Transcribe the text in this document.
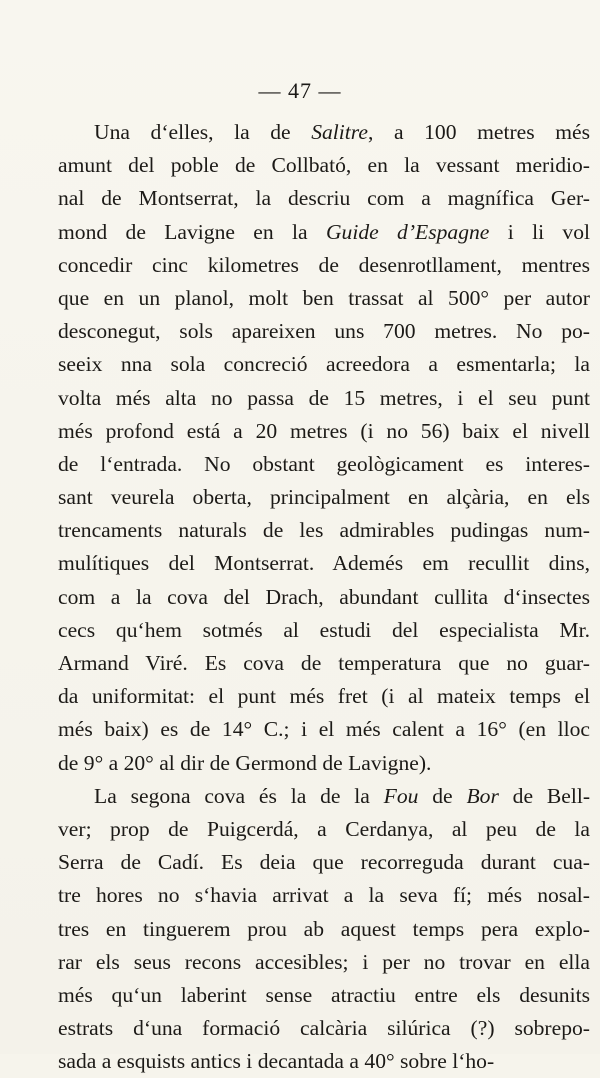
— 47 —
Una d‘elles, la de Salitre, a 100 metres més
amunt del poble de Collbató, en la vessant meridio-
nal de Montserrat, la descriu com a magnífica Ger-
mond de Lavigne en la Guide d’Espagne i li vol
concedir cinc kilometres de desenrotllament, mentres
que en un planol, molt ben trassat al 500° per autor
desconegut, sols apareixen uns 700 metres. No po-
seeix nna sola concreció acreedora a esmentarla; la
volta més alta no passa de 15 metres, i el seu punt
més profond está a 20 metres (i no 56) baix el nivell
de l‘entrada. No obstant geològicament es interes-
sant veurela oberta, principalment en alçària, en els
trencaments naturals de les admirables pudingas num-
mulítiques del Montserrat. Ademés em recullit dins,
com a la cova del Drach, abundant cullita d‘insectes
cecs qu‘hem sotmés al estudi del especialista Mr.
Armand Viré. Es cova de temperatura que no guar-
da uniformitat: el punt més fret (i al mateix temps el
més baix) es de 14° C.; i el més calent a 16° (en lloc
de 9° a 20° al dir de Germond de Lavigne).
La segona cova és la de la Fou de Bor de Bell-
ver; prop de Puigcerdá, a Cerdanya, al peu de la
Serra de Cadí. Es deia que recorreguda durant cua-
tre hores no s‘havia arrivat a la seva fí; més nosal-
tres en tinguerem prou ab aquest temps pera explo-
rar els seus recons accesibles; i per no trovar en ella
més qu‘un laberint sense atractiu entre els desunits
estrats d‘una formació calcària silúrica (?) sobrepo-
sada a esquists antics i decantada a 40° sobre l‘ho-
